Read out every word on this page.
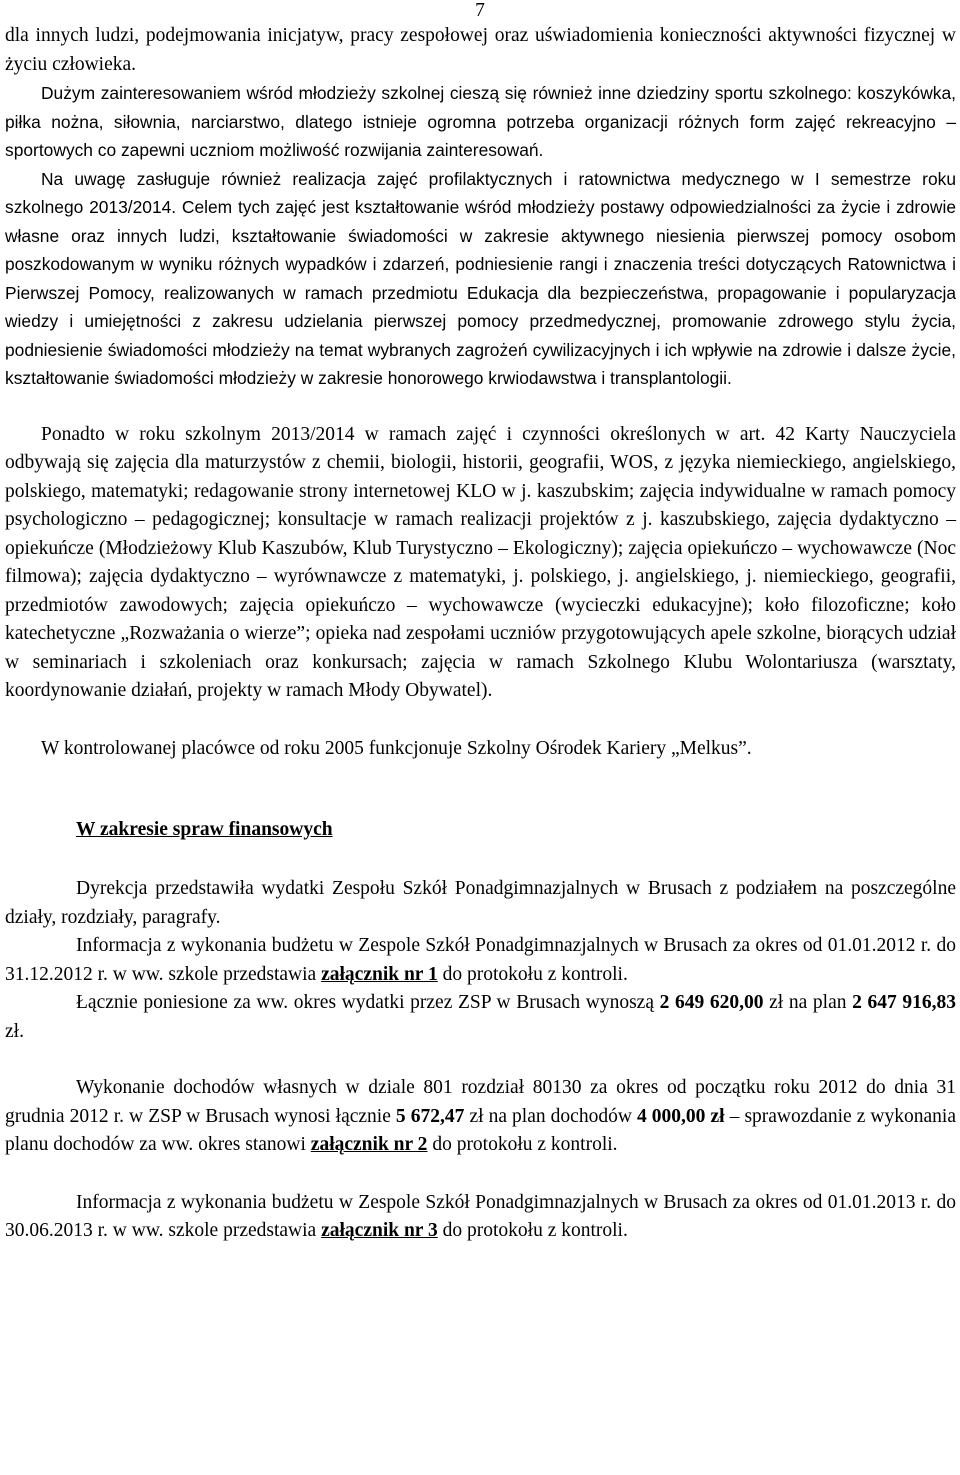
7

dla innych ludzi, podejmowania inicjatyw, pracy zespołowej oraz uświadomienia konieczności aktywności fizycznej w życiu człowieka.

Dużym zainteresowaniem wśród młodzieży szkolnej cieszą się również inne dziedziny sportu szkolnego: koszykówka, piłka nożna, siłownia, narciarstwo, dlatego istnieje ogromna potrzeba organizacji różnych form zajęć rekreacyjno – sportowych co zapewni uczniom możliwość rozwijania zainteresowań.

Na uwagę zasługuje również realizacja zajęć profilaktycznych i ratownictwa medycznego w I semestrze roku szkolnego 2013/2014. Celem tych zajęć jest kształtowanie wśród młodzieży postawy odpowiedzialności za życie i zdrowie własne oraz innych ludzi, kształtowanie świadomości w zakresie aktywnego niesienia pierwszej pomocy osobom poszkodowanym w wyniku różnych wypadków i zdarzeń, podniesienie rangi i znaczenia treści dotyczących Ratownictwa i Pierwszej Pomocy, realizowanych w ramach przedmiotu Edukacja dla bezpieczeństwa, propagowanie i popularyzacja wiedzy i umiejętności z zakresu udzielania pierwszej pomocy przedmedycznej, promowanie zdrowego stylu życia, podniesienie świadomości młodzieży na temat wybranych zagrożeń cywilizacyjnych i ich wpływie na zdrowie i dalsze życie, kształtowanie świadomości młodzieży w zakresie honorowego krwiodawstwa i transplantologii.

Ponadto w roku szkolnym 2013/2014 w ramach zajęć i czynności określonych w art. 42 Karty Nauczyciela odbywają się zajęcia dla maturzystów z chemii, biologii, historii, geografii, WOS, z języka niemieckiego, angielskiego, polskiego, matematyki; redagowanie strony internetowej KLO w j. kaszubskim; zajęcia indywidualne w ramach pomocy psychologiczno – pedagogicznej; konsultacje w ramach realizacji projektów z j. kaszubskiego, zajęcia dydaktyczno – opiekuńcze (Młodzieżowy Klub Kaszubów, Klub Turystyczno – Ekologiczny); zajęcia opiekuńczo – wychowawcze (Noc filmowa); zajęcia dydaktyczno – wyrównawcze z matematyki, j. polskiego, j. angielskiego, j. niemieckiego, geografii, przedmiotów zawodowych; zajęcia opiekuńczo – wychowawcze (wycieczki edukacyjne); koło filozoficzne; koło katechetyczne „Rozważania o wierze”; opieka nad zespołami uczniów przygotowujących apele szkolne, biorących udział w seminariach i szkoleniach oraz konkursach; zajęcia w ramach Szkolnego Klubu Wolontariusza (warsztaty, koordynowanie działań, projekty w ramach Młody Obywatel).

W kontrolowanej placówce od roku 2005 funkcjonuje Szkolny Ośrodek Kariery „Melkus”.

W zakresie spraw finansowych

Dyrekcja przedstawiła wydatki Zespołu Szkół Ponadgimnazjalnych w Brusach z podziałem na poszczególne działy, rozdziały, paragrafy.

Informacja z wykonania budżetu w Zespole Szkół Ponadgimnazjalnych w Brusach za okres od 01.01.2012 r. do 31.12.2012 r. w ww. szkole przedstawia załącznik nr 1 do protokołu z kontroli.

Łącznie poniesione za ww. okres wydatki przez ZSP w Brusach wynoszą 2 649 620,00 zł na plan 2 647 916,83 zł.

Wykonanie dochodów własnych w dziale 801 rozdział 80130 za okres od początku roku 2012 do dnia 31 grudnia 2012 r. w ZSP w Brusach wynosi łącznie 5 672,47 zł na plan dochodów 4 000,00 zł – sprawozdanie z wykonania planu dochodów za ww. okres stanowi załącznik nr 2 do protokołu z kontroli.

Informacja z wykonania budżetu w Zespole Szkół Ponadgimnazjalnych w Brusach za okres od 01.01.2013 r. do 30.06.2013 r. w ww. szkole przedstawia załącznik nr 3 do protokołu z kontroli.
